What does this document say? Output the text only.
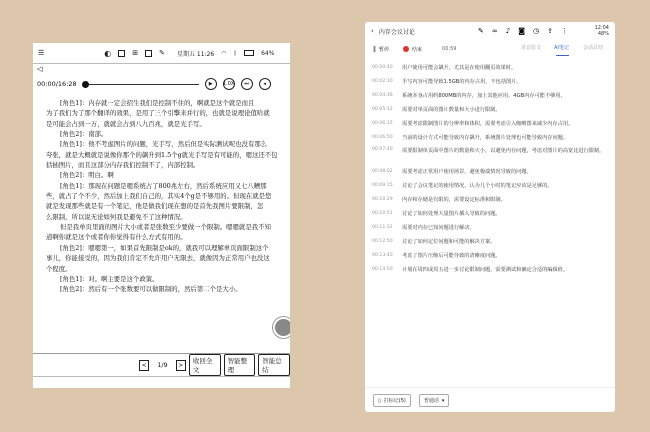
☰	◐	⊞	✎ 星期五 11:26 ◠ ᛒ	64%
◁
00:00/16:28	▶	1.0X	⏭	◂

[角色1]：内存就一定会招生我们是控制不住的，啊就是这个就是而且

为了我们为了那个翻译的效果，是用了三个引擎来并行的，也就是说理论值哈就

是可能会占到一万，就就会占到八九百兆，就是光手写。

[角色2]：南部。

[角色1]：他不考虑图片的问题，光手写，然后但是实际测试呢也没有那么

夸张，就是大概就是说像你那个的飙升到1.5个g就光手写是有可能的，嗯这还不包

括插图片，而且这部分内存我们控制不了，内部控制。

[角色2]：明白。啊

[角色1]：那现在问题是嗯系统占了800兆左右，然后系统应用又七八糟那

些，就占了个不少，然后加上我们自己的，其实4个g是不够用的。但现在就是您

就是发现那些就是有一个笔记，他是做我们现在想的是首先我图片要限制，怎

么限制，所以说无论如何我是避免不了这种情况。

但是我单页里面的图片大小或者是张数至少要做一个限制。嗯嗯就是我不知

道啊你就是这个或者你你觉得有什么方式有用的。

[角色2]：嗯嗯第一，如果首先限制是ok的，就我可以理解单页面限制这个

事儿，你能接受的，因为我们肯定不允许用户无限去，就像因为正常用户也没这

个程度。

[角色1]：对。啊主要是这个政策。

[角色2]：然后有一个张数要可以做限制的，然后第二个是大小。

<	1/9	>	收回全文
智能整理
智能总结
‹ 内存会议讨论	✎ ∞ ♪ ◙ ◷ ⇪ ⋮	12:04
48%
‖ 暂停	结束	00:59	录音原文	AI笔记	会话总结
00:00:40	用户使用可能会飙升，尤其是在使用翻页效果时。
00:02:10	手写内容可能导致1.5GB的内存占用，不包括图片。
00:04:36	系统本身占用约800MB的内存，加上其他应用，4GB内存可能不够用。
00:05:12	需要对单页面的图片数量和大小进行限制。
00:06:15	需要考虑限制图片的分辨率和体积，需要考虑引入缩略图来减少内存占用。
00:06:50	当前的设计方式可能导致内存飙升，系统图片处理也可能导致内存问题。
00:07:40	需要限制单页面中图片的数量和大小，以避免内存问题，考虑对图片的高宽比进行限制。
00:08:02	需要考虑正常用户使用场景，避免极端情况导致的问题。
00:09:15	讨论了会议笔记的使用情况，认为几个小时的笔记应该是足够的。
00:10:29	内存和存储是有限的，需要设定标准和限制。
00:10:51	讨论了如何处理大量图片插入导致的问题。
00:11:32	需要对内存已知问题进行解决。
00:12:50	讨论了如何定位问题和可能的解决方案。
00:13:40	考虑了图片压缩后可能导致的清晰度问题。
00:14:50	计划在周四或周五进一步讨论限制问题，需要测试和确定合适的编辑值。
▯ 打标记(5)	普通话 ▾
